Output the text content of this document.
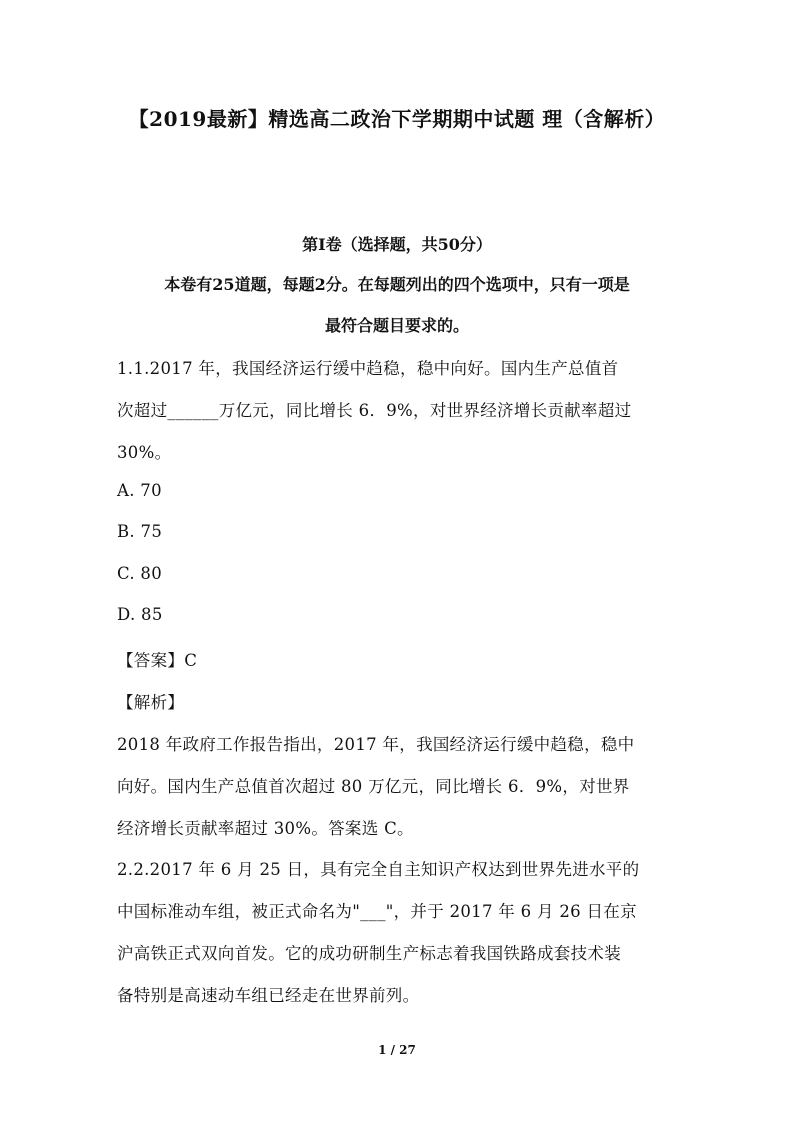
【2019最新】精选高二政治下学期期中试题 理（含解析）
第Ⅰ卷（选择题，共50分）
本卷有25道题，每题2分。在每题列出的四个选项中，只有一项是
最符合题目要求的。
1.1.2017 年，我国经济运行缓中趋稳，稳中向好。国内生产总值首
次超过______万亿元，同比增长 6．9%，对世界经济增长贡献率超过
30%。
A. 70
B. 75
C. 80
D. 85
【答案】C
【解析】
2018 年政府工作报告指出，2017 年，我国经济运行缓中趋稳，稳中
向好。国内生产总值首次超过 80 万亿元，同比增长 6．9%，对世界
经济增长贡献率超过 30%。答案选 C。
2.2.2017 年 6 月 25 日，具有完全自主知识产权达到世界先进水平的
中国标准动车组，被正式命名为"___"，并于 2017 年 6 月 26 日在京
沪高铁正式双向首发。它的成功研制生产标志着我国铁路成套技术装
备特别是高速动车组已经走在世界前列。
1 / 27
